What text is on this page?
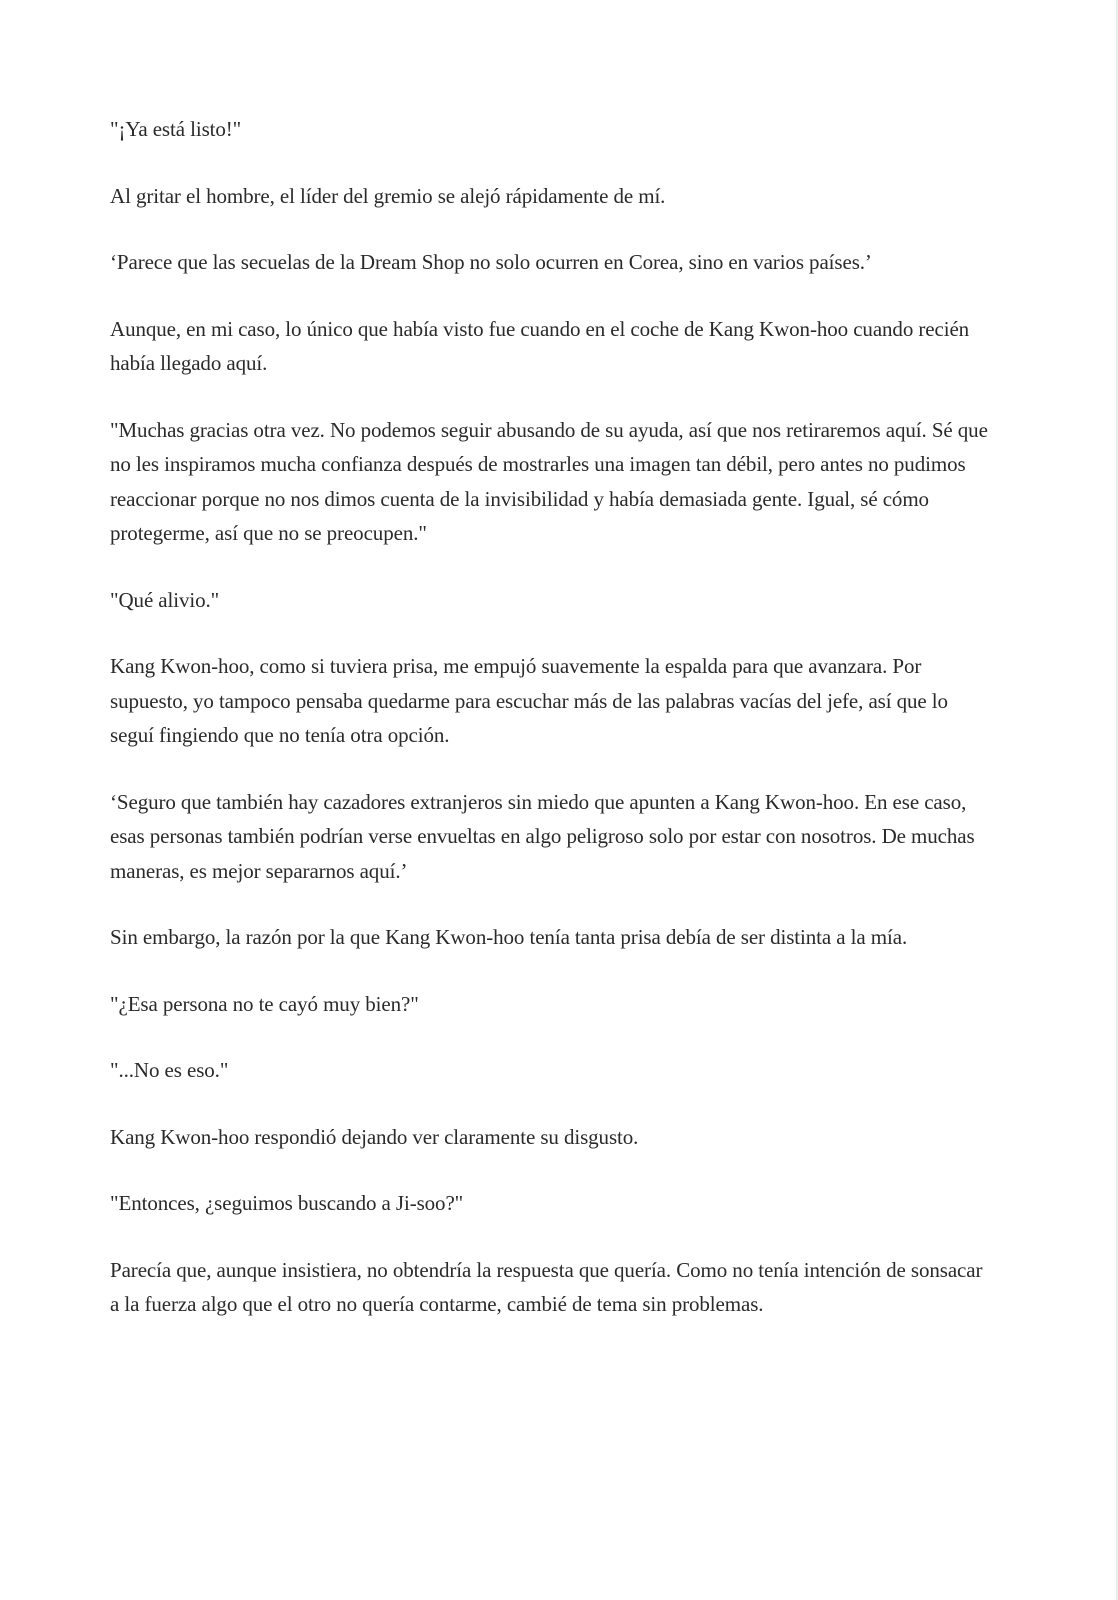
"¡Ya está listo!"

Al gritar el hombre, el líder del gremio se alejó rápidamente de mí.

‘Parece que las secuelas de la Dream Shop no solo ocurren en Corea, sino en varios países.’

Aunque, en mi caso, lo único que había visto fue cuando en el coche de Kang Kwon-hoo cuando recién había llegado aquí.

"Muchas gracias otra vez. No podemos seguir abusando de su ayuda, así que nos retiraremos aquí. Sé que no les inspiramos mucha confianza después de mostrarles una imagen tan débil, pero antes no pudimos reaccionar porque no nos dimos cuenta de la invisibilidad y había demasiada gente. Igual, sé cómo protegerme, así que no se preocupen."

"Qué alivio."

Kang Kwon-hoo, como si tuviera prisa, me empujó suavemente la espalda para que avanzara. Por supuesto, yo tampoco pensaba quedarme para escuchar más de las palabras vacías del jefe, así que lo seguí fingiendo que no tenía otra opción.

‘Seguro que también hay cazadores extranjeros sin miedo que apunten a Kang Kwon-hoo. En ese caso, esas personas también podrían verse envueltas en algo peligroso solo por estar con nosotros. De muchas maneras, es mejor separarnos aquí.’

Sin embargo, la razón por la que Kang Kwon-hoo tenía tanta prisa debía de ser distinta a la mía.

"¿Esa persona no te cayó muy bien?"

"...No es eso."

Kang Kwon-hoo respondió dejando ver claramente su disgusto.

"Entonces, ¿seguimos buscando a Ji-soo?"

Parecía que, aunque insistiera, no obtendría la respuesta que quería. Como no tenía intención de sonsacar a la fuerza algo que el otro no quería contarme, cambié de tema sin problemas.
